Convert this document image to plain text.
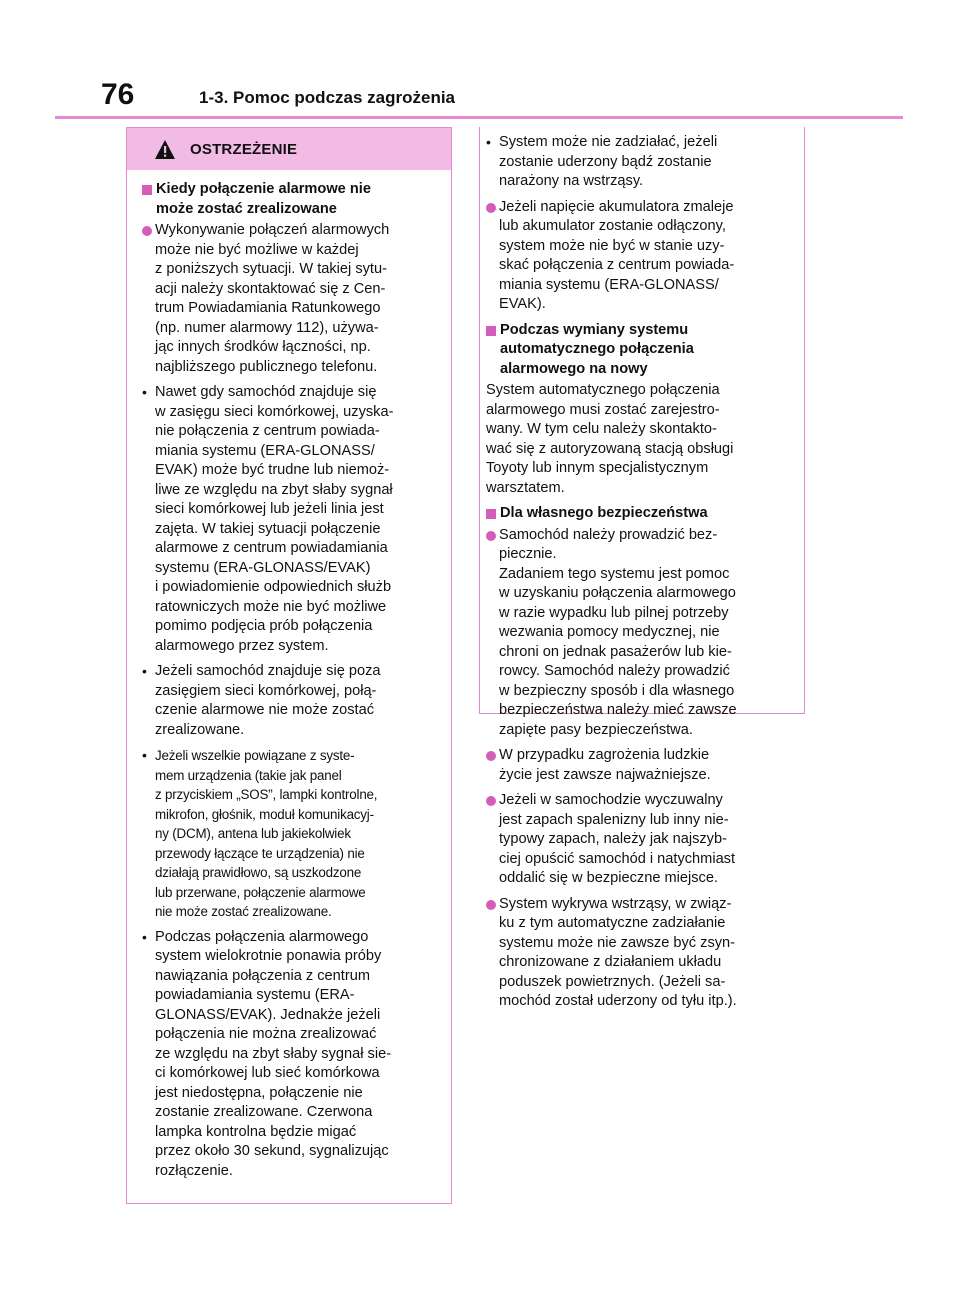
76	1-3. Pomoc podczas zagrożenia
OSTRZEŻENIE
Kiedy połączenie alarmowe nie
może zostać zrealizowane
Wykonywanie połączeń alarmowych
może nie być możliwe w każdej
z poniższych sytuacji. W takiej sytu-
acji należy skontaktować się z Cen-
trum Powiadamiania Ratunkowego
(np. numer alarmowy 112), używa-
jąc innych środków łączności, np.
najbliższego publicznego telefonu.
• Nawet gdy samochód znajduje się
w zasięgu sieci komórkowej, uzyska-
nie połączenia z centrum powiada-
miania systemu (ERA-GLONASS/
EVAK) może być trudne lub niemoż-
liwe ze względu na zbyt słaby sygnał
sieci komórkowej lub jeżeli linia jest
zajęta. W takiej sytuacji połączenie
alarmowe z centrum powiadamiania
systemu (ERA-GLONASS/EVAK)
i powiadomienie odpowiednich służb
ratowniczych może nie być możliwe
pomimo podjęcia prób połączenia
alarmowego przez system.
• Jeżeli samochód znajduje się poza
zasięgiem sieci komórkowej, połą-
czenie alarmowe nie może zostać
zrealizowane.
• Jeżeli wszelkie powiązane z syste-
mem urządzenia (takie jak panel
z przyciskiem „SOS”, lampki kontrolne,
mikrofon, głośnik, moduł komunikacyj-
ny (DCM), antena lub jakiekolwiek
przewody łączące te urządzenia) nie
działają prawidłowo, są uszkodzone
lub przerwane, połączenie alarmowe
nie może zostać zrealizowane.
• Podczas połączenia alarmowego
system wielokrotnie ponawia próby
nawiązania połączenia z centrum
powiadamiania systemu (ERA-
GLONASS/EVAK). Jednakże jeżeli
połączenia nie można zrealizować
ze względu na zbyt słaby sygnał sie-
ci komórkowej lub sieć komórkowa
jest niedostępna, połączenie nie
zostanie zrealizowane. Czerwona
lampka kontrolna będzie migać
przez około 30 sekund, sygnalizując
rozłączenie.
• System może nie zadziałać, jeżeli
zostanie uderzony bądź zostanie
narażony na wstrząsy.
Jeżeli napięcie akumulatora zmaleje
lub akumulator zostanie odłączony,
system może nie być w stanie uzy-
skać połączenia z centrum powiada-
miania systemu (ERA-GLONASS/
EVAK).
Podczas wymiany systemu
automatycznego połączenia
alarmowego na nowy
System automatycznego połączenia
alarmowego musi zostać zarejestro-
wany. W tym celu należy skontakto-
wać się z autoryzowaną stacją obsługi
Toyoty lub innym specjalistycznym
warsztatem.
Dla własnego bezpieczeństwa
Samochód należy prowadzić bez-
piecznie.
Zadaniem tego systemu jest pomoc
w uzyskaniu połączenia alarmowego
w razie wypadku lub pilnej potrzeby
wezwania pomocy medycznej, nie
chroni on jednak pasażerów lub kie-
rowcy. Samochód należy prowadzić
w bezpieczny sposób i dla własnego
bezpieczeństwa należy mieć zawsze
zapięte pasy bezpieczeństwa.
W przypadku zagrożenia ludzkie
życie jest zawsze najważniejsze.
Jeżeli w samochodzie wyczuwalny
jest zapach spalenizny lub inny nie-
typowy zapach, należy jak najszyb-
ciej opuścić samochód i natychmiast
oddalić się w bezpieczne miejsce.
System wykrywa wstrząsy, w związ-
ku z tym automatyczne zadziałanie
systemu może nie zawsze być zsyn-
chronizowane z działaniem układu
poduszek powietrznych. (Jeżeli sa-
mochód został uderzony od tyłu itp.).
